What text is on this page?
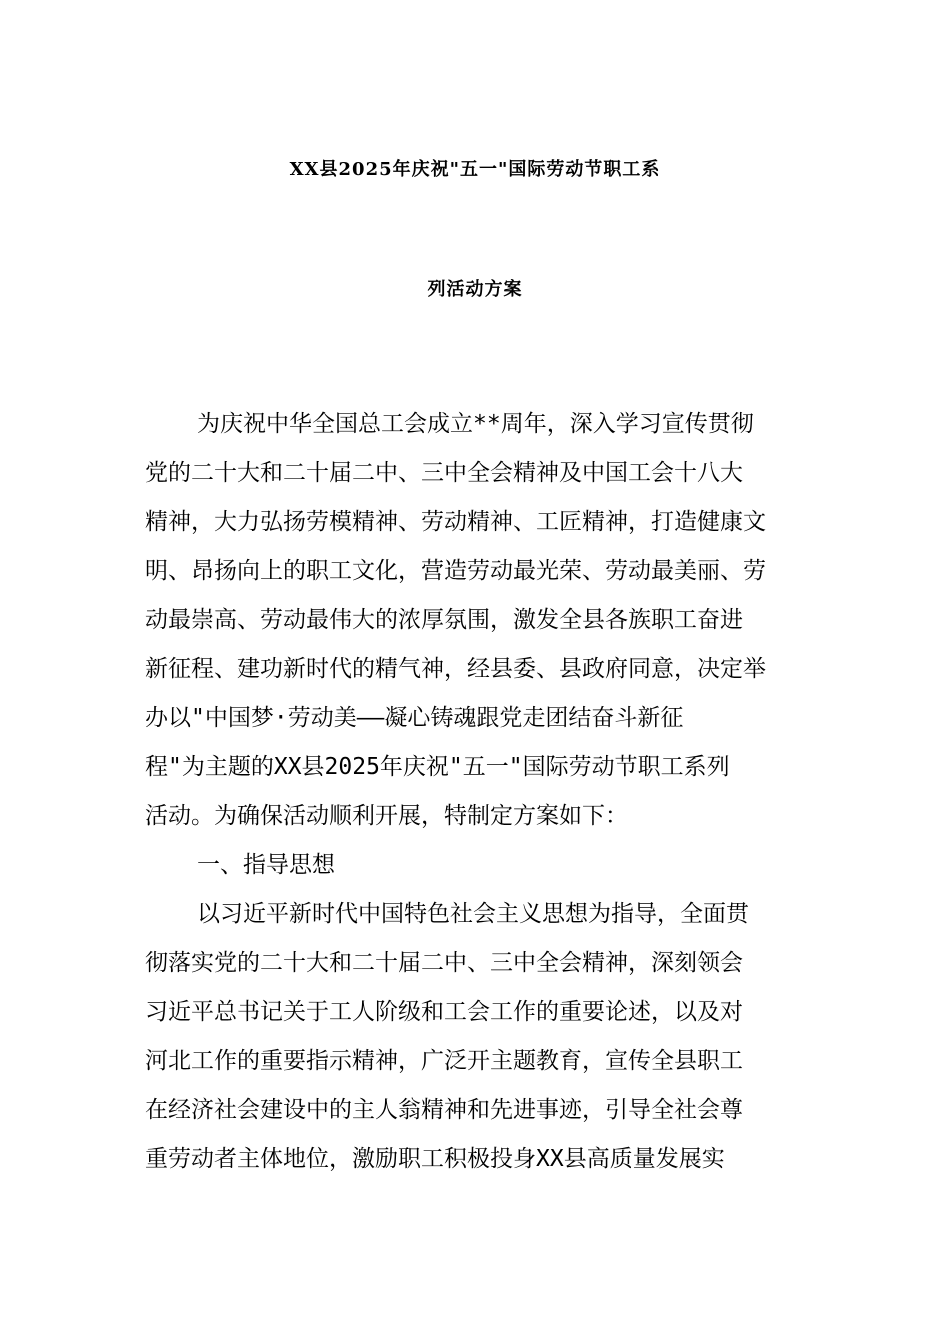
XX县2025年庆祝"五一"国际劳动节职工系
列活动方案
为庆祝中华全国总工会成立**周年，深入学习宣传贯彻
党的二十大和二十届二中、三中全会精神及中国工会十八大
精神，大力弘扬劳模精神、劳动精神、工匠精神，打造健康文
明、昂扬向上的职工文化，营造劳动最光荣、劳动最美丽、劳
动最崇高、劳动最伟大的浓厚氛围，激发全县各族职工奋进
新征程、建功新时代的精气神，经县委、县政府同意，决定举
办以"中国梦·劳动美——凝心铸魂跟党走团结奋斗新征
程"为主题的XX县2025年庆祝"五一"国际劳动节职工系列
活动。为确保活动顺利开展，特制定方案如下：
一、指导思想
以习近平新时代中国特色社会主义思想为指导，全面贯
彻落实党的二十大和二十届二中、三中全会精神，深刻领会
习近平总书记关于工人阶级和工会工作的重要论述，以及对
河北工作的重要指示精神，广泛开主题教育，宣传全县职工
在经济社会建设中的主人翁精神和先进事迹，引导全社会尊
重劳动者主体地位，激励职工积极投身XX县高质量发展实
